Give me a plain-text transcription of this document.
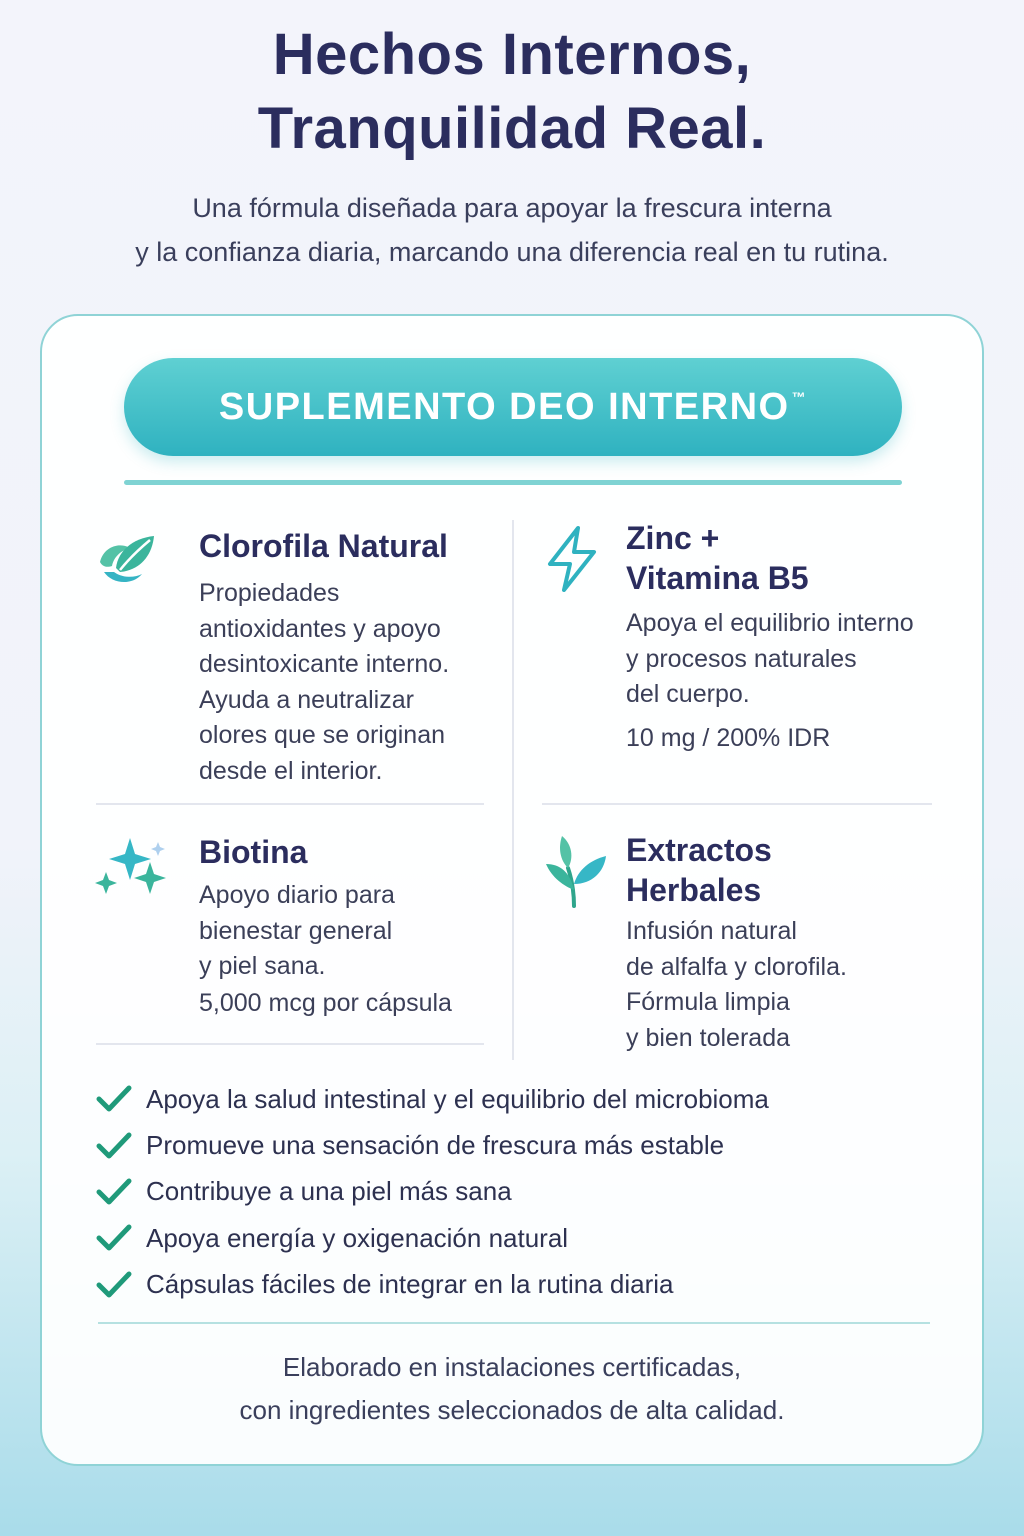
Hechos Internos,
Tranquilidad Real.
Una fórmula diseñada para apoyar la frescura interna
y la confianza diaria, marcando una diferencia real en tu rutina.
SUPLEMENTO DEO INTERNO™
Clorofila Natural
Propiedades
antioxidantes y apoyo
desintoxicante interno.
Ayuda a neutralizar
olores que se originan
desde el interior.
Zinc +
Vitamina B5
Apoya el equilibrio interno
y procesos naturales
del cuerpo.
10 mg / 200% IDR
Biotina
Apoyo diario para
bienestar general
y piel sana.
5,000 mcg por cápsula
Extractos
Herbales
Infusión natural
de alfalfa y clorofila.
Fórmula limpia
y bien tolerada
Apoya la salud intestinal y el equilibrio del microbioma
Promueve una sensación de frescura más estable
Contribuye a una piel más sana
Apoya energía y oxigenación natural
Cápsulas fáciles de integrar en la rutina diaria
Elaborado en instalaciones certificadas,
con ingredientes seleccionados de alta calidad.
